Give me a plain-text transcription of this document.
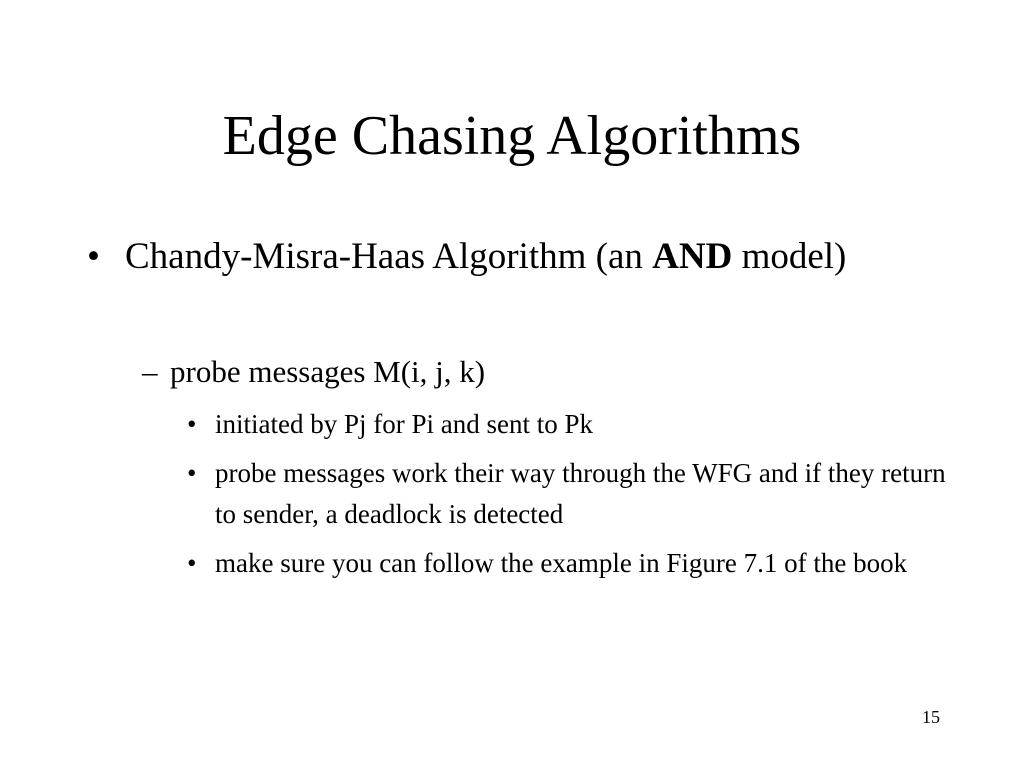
Edge Chasing Algorithms
• Chandy-Misra-Haas Algorithm (an AND model)
– probe messages M(i, j, k)
• initiated by Pj for Pi and sent to Pk
• probe messages work their way through the WFG and if they return to sender, a deadlock is detected
• make sure you can follow the example in Figure 7.1 of the book
15
